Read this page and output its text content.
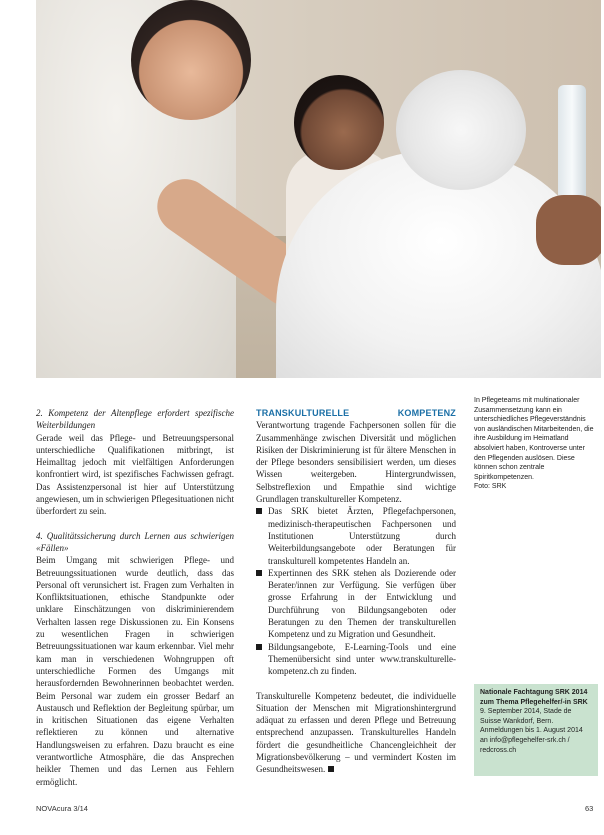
2. Kompetenz der Altenpflege erfordert spezifische Weiterbildungen

Gerade weil das Pflege- und Betreuungspersonal unterschiedliche Qualifikationen mitbringt, ist Heimalltag jedoch mit vielfältigen Anforderungen konfrontiert wird, ist spezifisches Fachwissen gefragt. Das Assistenzpersonal ist hier auf Unterstützung angewiesen, um in schwierigen Pflegesituationen nicht überfordert zu sein.

4. Qualitätssicherung durch Lernen aus schwierigen «Fällen»

Beim Umgang mit schwierigen Pflege- und Betreuungssituationen wurde deutlich, dass das Personal oft verunsichert ist. Fragen zum Verhalten in Konfliktsituationen, ethische Standpunkte oder unklare Einschätzungen von diskriminierendem Verhalten lassen rege Diskussionen zu. Ein Konsens zu wesentlichen Fragen in schwierigen Betreuungssituationen war kaum erkennbar. Viel mehr kam man in verschiedenen Wohngruppen oft unterschiedliche Formen des Umgangs mit herausfordernden Bewohnerinnen beobachtet werden. Beim Personal war zudem ein grosser Bedarf an Austausch und Reflektion der Begleitung spürbar, um in kritischen Situationen das eigene Verhalten reflektieren zu können und alternative Handlungsweisen zu erfahren. Dazu braucht es eine verantwortliche Atmosphäre, die das Ansprechen heikler Themen und das Lernen aus Fehlern ermöglicht.

TRANSKULTURELLE KOMPETENZ Verantwortung tragende Fachpersonen sollen für die Zusammenhänge zwischen Diversität und möglichen Risiken der Diskriminierung ist für ältere Menschen in der Pflege besonders sensibilisiert werden, um dieses Wissen weitergeben. Hintergrundwissen, Selbstreflexion und Empathie sind wichtige Grundlagen transkultureller Kompetenz.

Das SRK bietet Ärzten, Pflegefachpersonen, medizinisch-therapeutischen Fachpersonen und Institutionen Unterstützung durch Weiterbildungsangebote oder Beratungen für transkulturell kompetentes Handeln an.
Expertinnen des SRK stehen als Dozierende oder Berater/innen zur Verfügung. Sie verfügen über grosse Erfahrung in der Entwicklung und Durchführung von Bildungsangeboten oder Beratungen zu den Themen der transkulturellen Kompetenz und zu Migration und Gesundheit.
Bildungsangebote, E-Learning-Tools und eine Themenübersicht sind unter www.transkulturelle-kompetenz.ch zu finden.

Transkulturelle Kompetenz bedeutet, die individuelle Situation der Menschen mit Migrationshintergrund adäquat zu erfassen und deren Pflege und Betreuung entsprechend anzupassen. Transkulturelles Handeln fördert die gesundheitliche Chancengleichheit der Migrationsbevölkerung – und vermindert Kosten im Gesundheitswesen.

In Pflegeteams mit multinationaler Zusammensetzung kann ein unterschiedliches Pflegeverständnis von ausländischen Mitarbeitenden, die ihre Ausbildung im Heimatland absolviert haben, Kontroverse unter den Pflegenden auslösen. Diese können schon zentrale Spiritkompetenzen.

Foto: SRK

Nationale Fachtagung SRK 2014 zum Thema Pflegehelfer/-in SRK
9. September 2014, Stade de Suisse Wankdorf, Bern. Anmeldungen bis 1. August 2014 an info@pflegehelfer-srk.ch / redcross.ch
NOVAcura 3/14	63
